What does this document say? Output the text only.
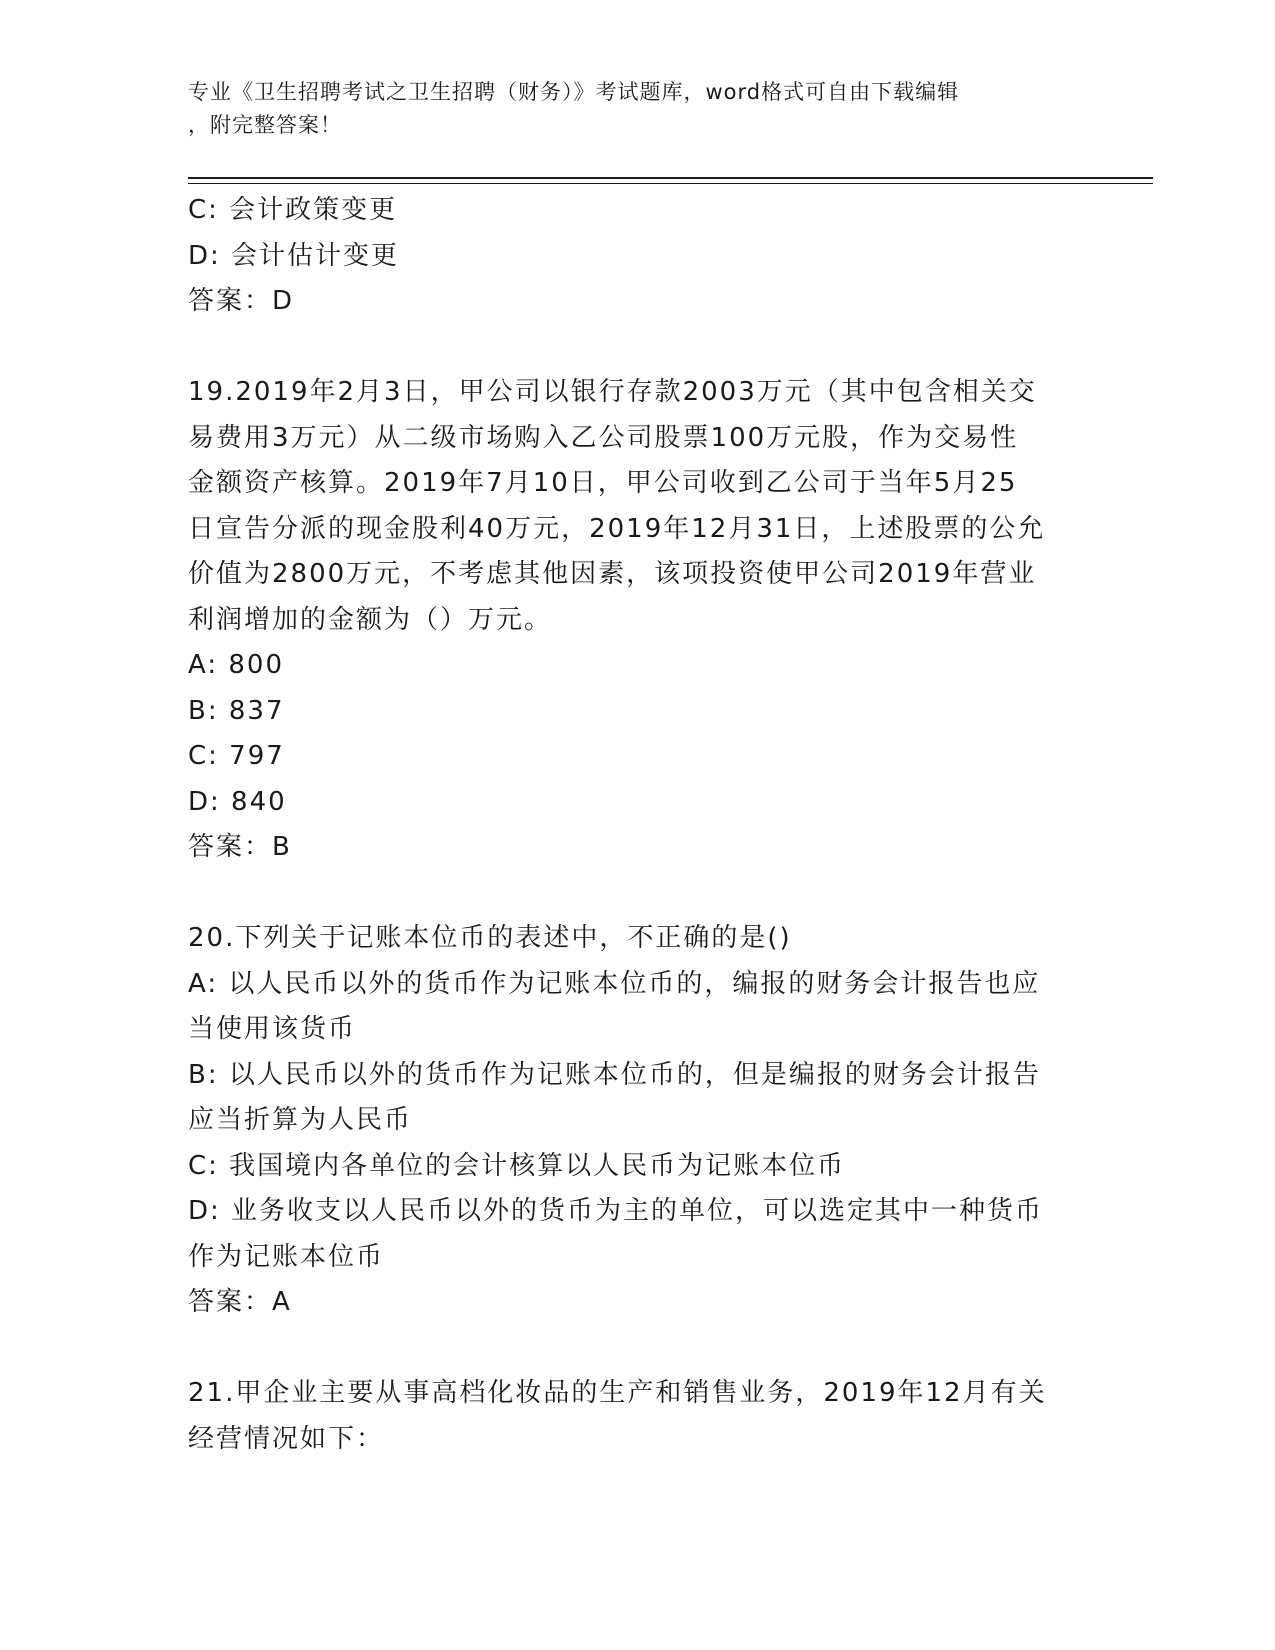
专业《卫生招聘考试之卫生招聘（财务）》考试题库，word格式可自由下载编辑
，附完整答案！
C: 会计政策变更
D: 会计估计变更
答案：D
19.2019年2月3日，甲公司以银行存款2003万元（其中包含相关交
易费用3万元）从二级市场购入乙公司股票100万元股，作为交易性
金额资产核算。2019年7月10日，甲公司收到乙公司于当年5月25
日宣告分派的现金股利40万元，2019年12月31日，上述股票的公允
价值为2800万元，不考虑其他因素，该项投资使甲公司2019年营业
利润增加的金额为（）万元。
A: 800
B: 837
C: 797
D: 840
答案：B
20.下列关于记账本位币的表述中，不正确的是()
A: 以人民币以外的货币作为记账本位币的，编报的财务会计报告也应
当使用该货币
B: 以人民币以外的货币作为记账本位币的，但是编报的财务会计报告
应当折算为人民币
C: 我国境内各单位的会计核算以人民币为记账本位币
D: 业务收支以人民币以外的货币为主的单位，可以选定其中一种货币
作为记账本位币
答案：A
21.甲企业主要从事高档化妆品的生产和销售业务，2019年12月有关
经营情况如下：
